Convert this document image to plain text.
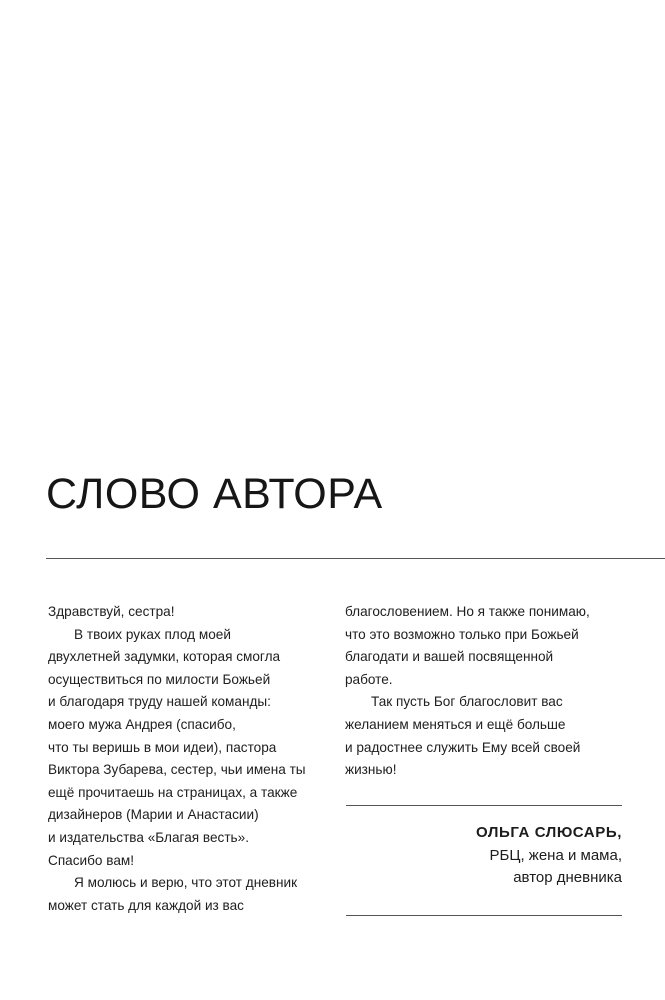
СЛОВО АВТОРА
Здравствуй, сестра!
В твоих руках плод моей
двухлетней задумки, которая смогла
осуществиться по милости Божьей
и благодаря труду нашей команды:
моего мужа Андрея (спасибо,
что ты веришь в мои идеи), пастора
Виктора Зубарева, сестер, чьи имена ты
ещё прочитаешь на страницах, а также
дизайнеров (Марии и Анастасии)
и издательства «Благая весть».
Спасибо вам!
Я молюсь и верю, что этот дневник
может стать для каждой из вас
благословением. Но я также понимаю,
что это возможно только при Божьей
благодати и вашей посвященной
работе.
Так пусть Бог благословит вас
желанием меняться и ещё больше
и радостнее служить Ему всей своей
жизнью!
ОЛЬГА СЛЮСАРЬ,
РБЦ, жена и мама,
автор дневника
